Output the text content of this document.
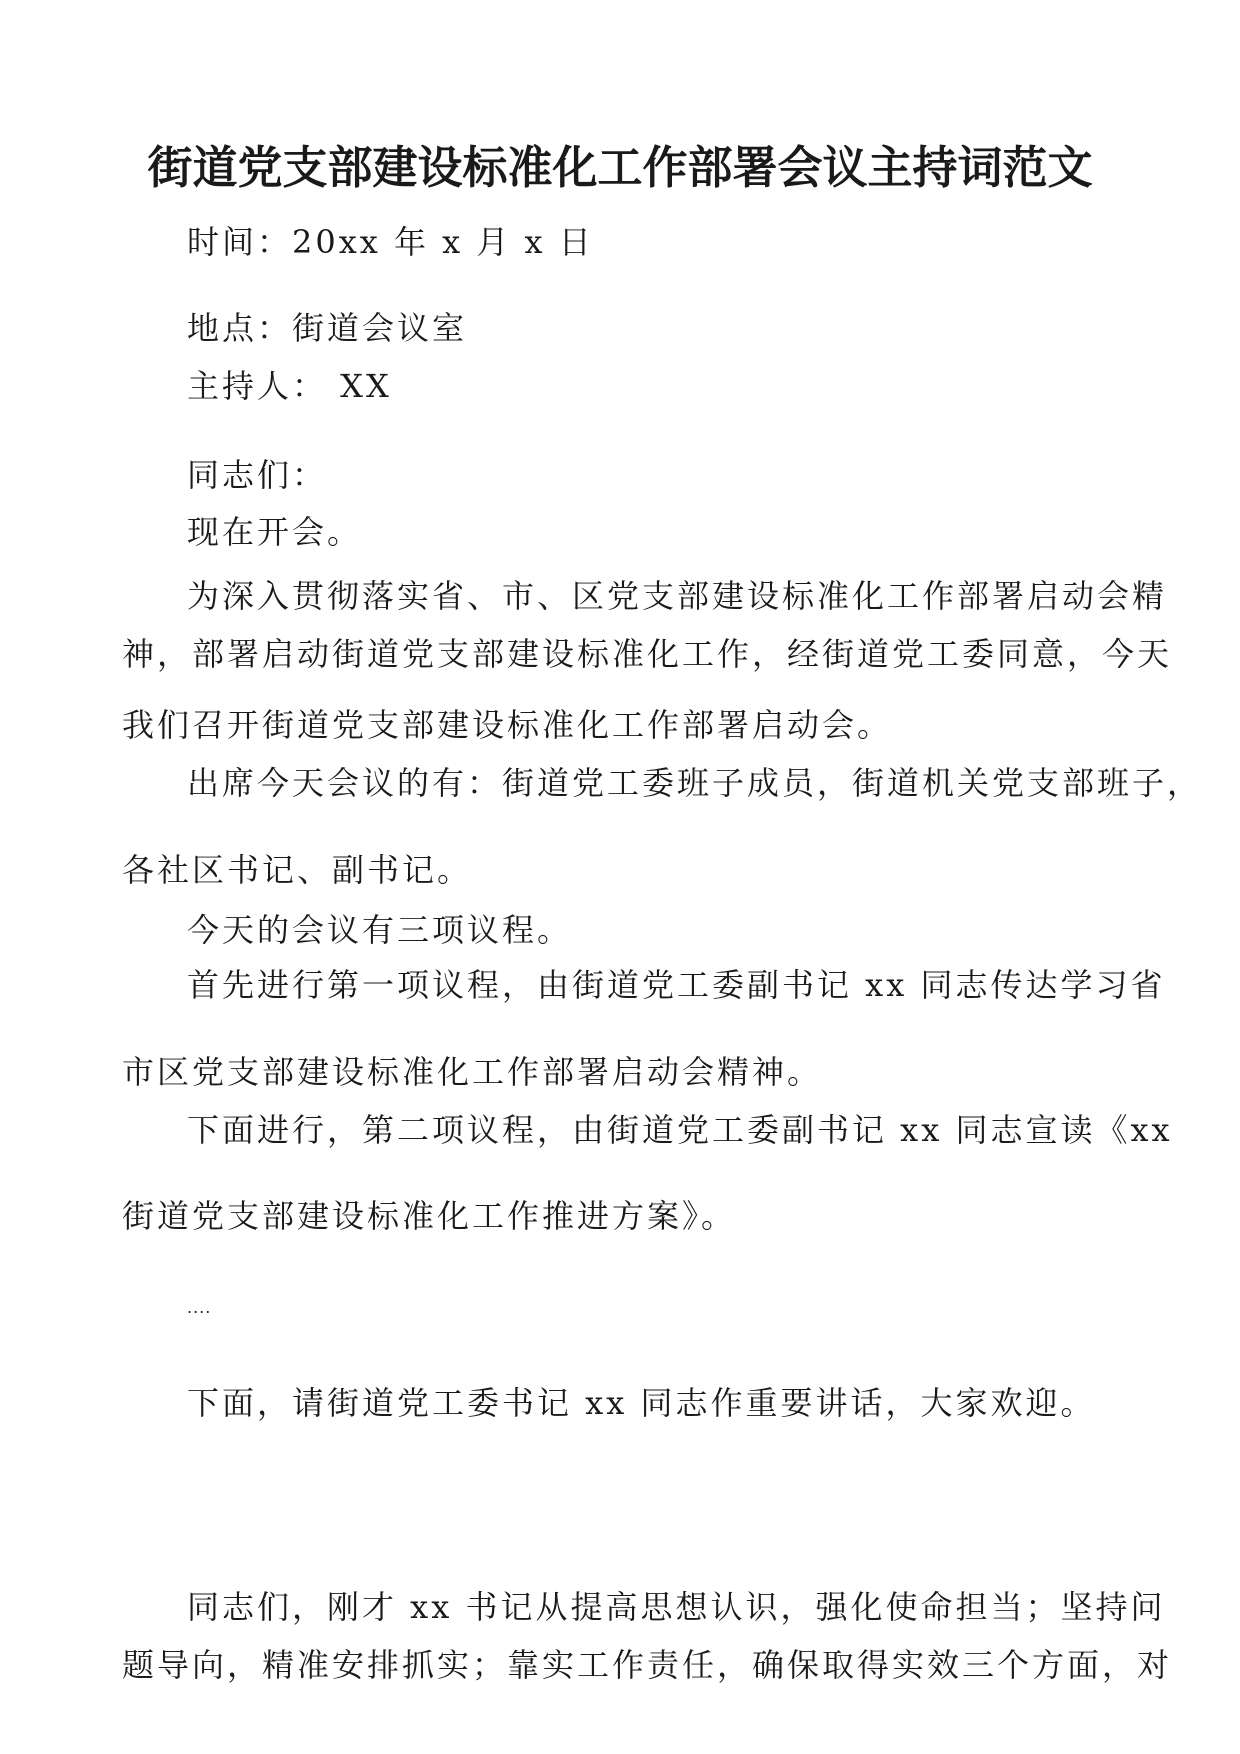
街道党支部建设标准化工作部署会议主持词范文

时间：20xx 年 x 月 x 日

地点：街道会议室

主持人： XX

同志们：

现在开会。

为深入贯彻落实省、市、区党支部建设标准化工作部署启动会精

神，部署启动街道党支部建设标准化工作，经街道党工委同意，今天

我们召开街道党支部建设标准化工作部署启动会。

出席今天会议的有：街道党工委班子成员，街道机关党支部班子，

各社区书记、副书记。

今天的会议有三项议程。

首先进行第一项议程，由街道党工委副书记 xx 同志传达学习省

市区党支部建设标准化工作部署启动会精神。

下面进行，第二项议程，由街道党工委副书记 xx 同志宣读《xx

街道党支部建设标准化工作推进方案》。

....

下面，请街道党工委书记 xx 同志作重要讲话，大家欢迎。

同志们，刚才 xx 书记从提高思想认识，强化使命担当；坚持问

题导向，精准安排抓实；靠实工作责任，确保取得实效三个方面，对
